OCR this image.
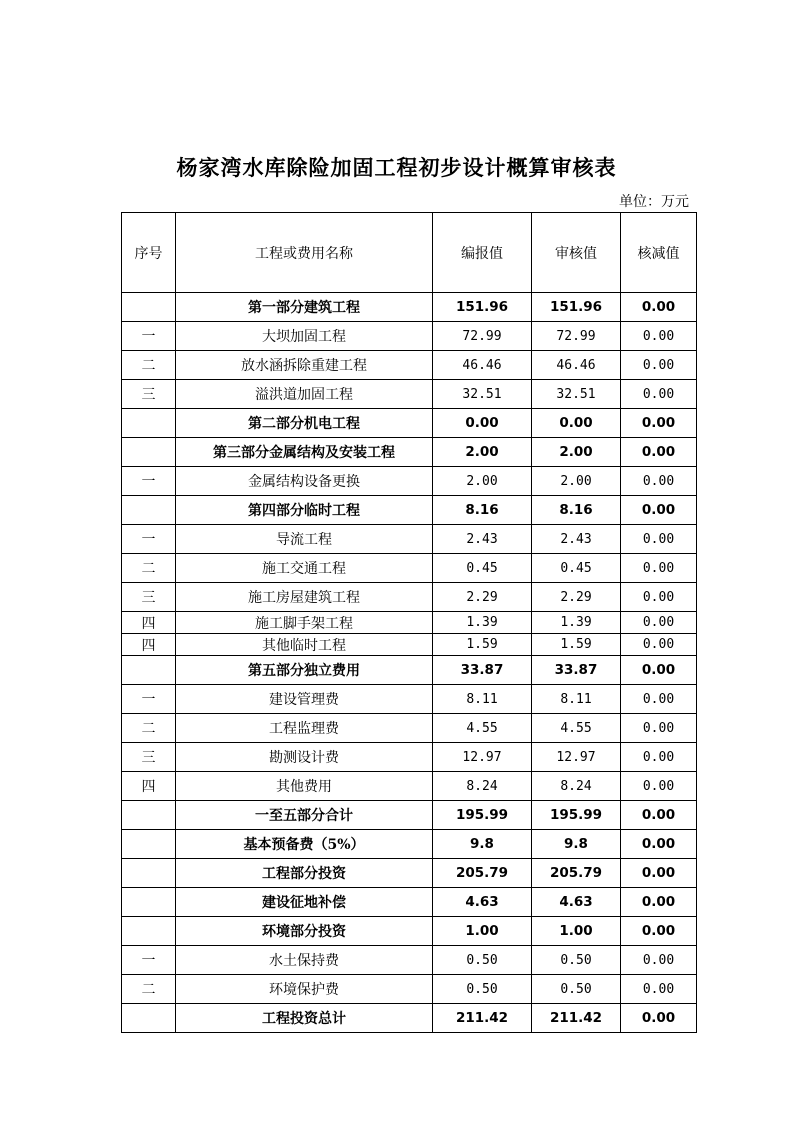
杨家湾水库除险加固工程初步设计概算审核表
单位：万元
序号	工程或费用名称	编报值	审核值	核减值
	第一部分建筑工程	151.96	151.96	0.00
一	大坝加固工程	72.99	72.99	0.00
二	放水涵拆除重建工程	46.46	46.46	0.00
三	溢洪道加固工程	32.51	32.51	0.00
	第二部分机电工程	0.00	0.00	0.00
	第三部分金属结构及安装工程	2.00	2.00	0.00
一	金属结构设备更换	2.00	2.00	0.00
	第四部分临时工程	8.16	8.16	0.00
一	导流工程	2.43	2.43	0.00
二	施工交通工程	0.45	0.45	0.00
三	施工房屋建筑工程	2.29	2.29	0.00
四	施工脚手架工程	1.39	1.39	0.00
四	其他临时工程	1.59	1.59	0.00
	第五部分独立费用	33.87	33.87	0.00
一	建设管理费	8.11	8.11	0.00
二	工程监理费	4.55	4.55	0.00
三	勘测设计费	12.97	12.97	0.00
四	其他费用	8.24	8.24	0.00
	一至五部分合计	195.99	195.99	0.00
	基本预备费（5%）	9.8	9.8	0.00
	工程部分投资	205.79	205.79	0.00
	建设征地补偿	4.63	4.63	0.00
	环境部分投资	1.00	1.00	0.00
一	水土保持费	0.50	0.50	0.00
二	环境保护费	0.50	0.50	0.00
	工程投资总计	211.42	211.42	0.00
